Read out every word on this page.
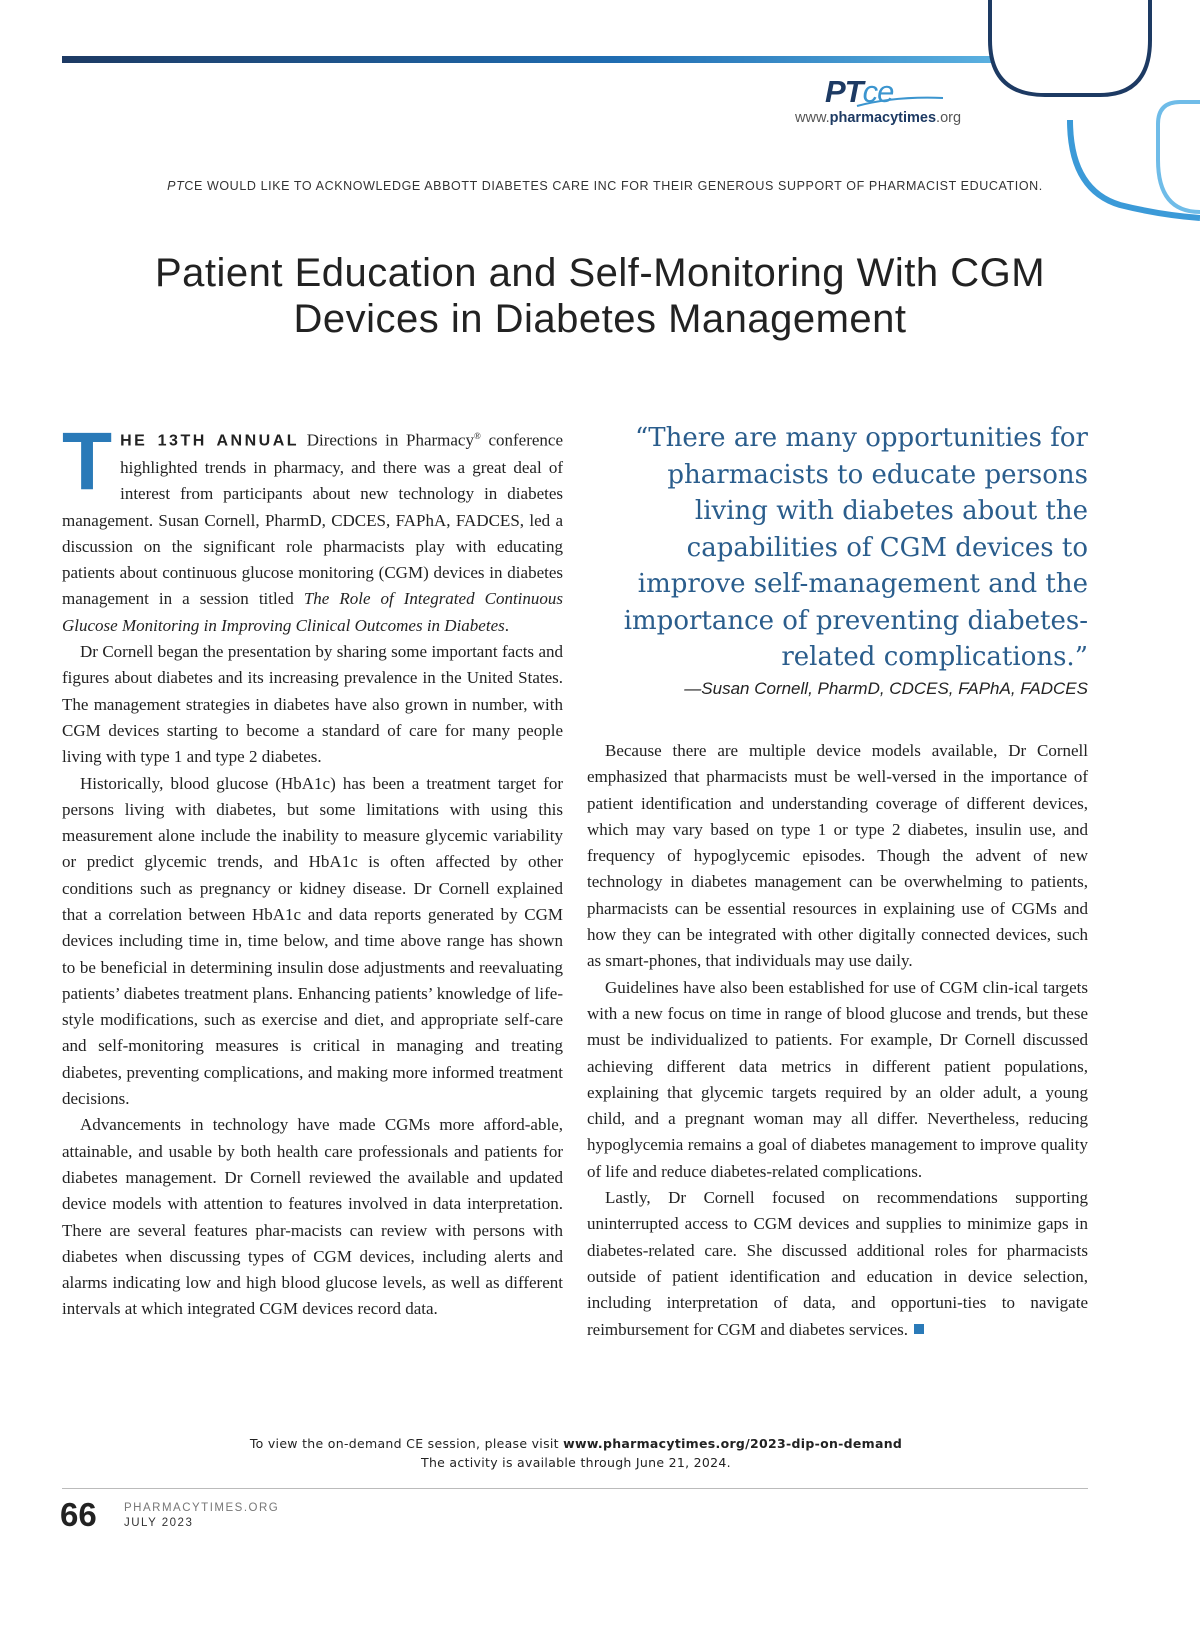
PTce
www.pharmacytimes.org
PTCE WOULD LIKE TO ACKNOWLEDGE ABBOTT DIABETES CARE INC FOR THEIR GENEROUS SUPPORT OF PHARMACIST EDUCATION.
Patient Education and Self-Monitoring With CGM
Devices in Diabetes Management

THE 13TH ANNUAL Directions in Pharmacy® conference highlighted trends in pharmacy, and there was a great deal of interest from participants about new technology in diabetes management. Susan Cornell, PharmD, CDCES, FAPhA, FADCES, led a discussion on the significant role pharmacists play with educating patients about continuous glucose monitoring (CGM) devices in diabetes management in a session titled The Role of Integrated Continuous Glucose Monitoring in Improving Clinical Outcomes in Diabetes.

Dr Cornell began the presentation by sharing some important facts and figures about diabetes and its increasing prevalence in the United States. The management strategies in diabetes have also grown in number, with CGM devices starting to become a standard of care for many people living with type 1 and type 2 diabetes.

Historically, blood glucose (HbA1c) has been a treatment target for persons living with diabetes, but some limitations with using this measurement alone include the inability to measure glycemic variability or predict glycemic trends, and HbA1c is often affected by other conditions such as pregnancy or kidney disease. Dr Cornell explained that a correlation between HbA1c and data reports generated by CGM devices including time in, time below, and time above range has shown to be beneficial in determining insulin dose adjustments and reevaluating patients’ diabetes treatment plans. Enhancing patients’ knowledge of life-style modifications, such as exercise and diet, and appropriate self-care and self-monitoring measures is critical in managing and treating diabetes, preventing complications, and making more informed treatment decisions.

Advancements in technology have made CGMs more afford-able, attainable, and usable by both health care professionals and patients for diabetes management. Dr Cornell reviewed the available and updated device models with attention to features involved in data interpretation. There are several features phar-macists can review with persons with diabetes when discussing types of CGM devices, including alerts and alarms indicating low and high blood glucose levels, as well as different intervals at which integrated CGM devices record data.

“There are many opportunities for pharmacists to educate persons living with diabetes about the capabilities of CGM devices to improve self-management and the importance of preventing diabetes-related complications.”
—Susan Cornell, PharmD, CDCES, FAPhA, FADCES

Because there are multiple device models available, Dr Cornell emphasized that pharmacists must be well-versed in the importance of patient identification and understanding coverage of different devices, which may vary based on type 1 or type 2 diabetes, insulin use, and frequency of hypoglycemic episodes. Though the advent of new technology in diabetes management can be overwhelming to patients, pharmacists can be essential resources in explaining use of CGMs and how they can be integrated with other digitally connected devices, such as smart-phones, that individuals may use daily.

Guidelines have also been established for use of CGM clin-ical targets with a new focus on time in range of blood glucose and trends, but these must be individualized to patients. For example, Dr Cornell discussed achieving different data metrics in different patient populations, explaining that glycemic targets required by an older adult, a young child, and a pregnant woman may all differ. Nevertheless, reducing hypoglycemia remains a goal of diabetes management to improve quality of life and reduce diabetes-related complications.

Lastly, Dr Cornell focused on recommendations supporting uninterrupted access to CGM devices and supplies to minimize gaps in diabetes-related care. She discussed additional roles for pharmacists outside of patient identification and education in device selection, including interpretation of data, and opportuni-ties to navigate reimbursement for CGM and diabetes services.

To view the on-demand CE session, please visit www.pharmacytimes.org/2023-dip-on-demand
The activity is available through June 21, 2024.
66 PHARMACYTIMES.ORG
JULY 2023
